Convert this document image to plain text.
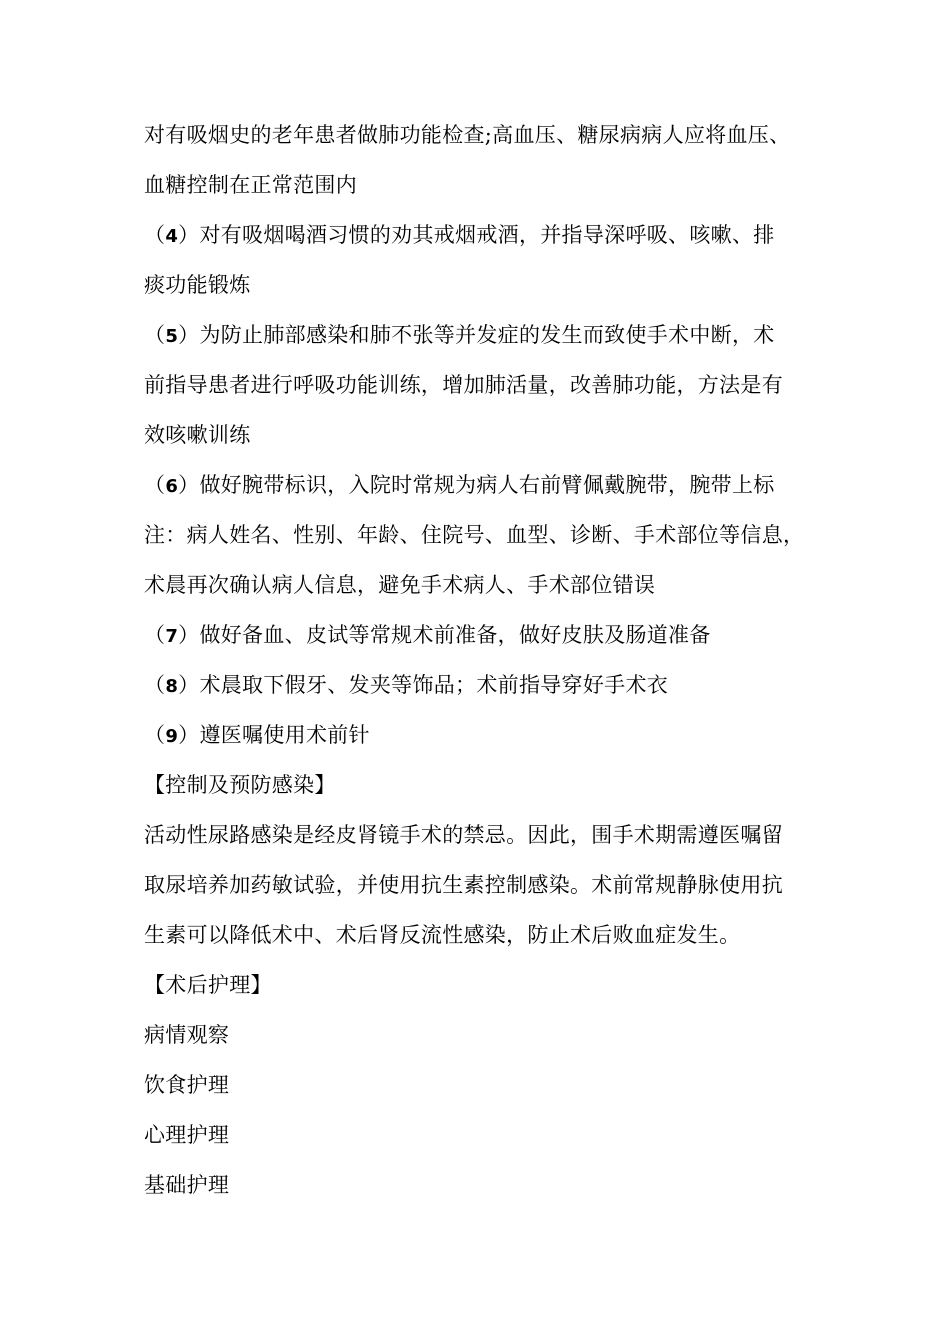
对有吸烟史的老年患者做肺功能检查;高血压、糖尿病病人应将血压、
血糖控制在正常范围内
（4）对有吸烟喝酒习惯的劝其戒烟戒酒，并指导深呼吸、咳嗽、排
痰功能锻炼
（5）为防止肺部感染和肺不张等并发症的发生而致使手术中断，术
前指导患者进行呼吸功能训练，增加肺活量，改善肺功能，方法是有
效咳嗽训练
（6）做好腕带标识，入院时常规为病人右前臂佩戴腕带，腕带上标
注：病人姓名、性别、年龄、住院号、血型、诊断、手术部位等信息，
术晨再次确认病人信息，避免手术病人、手术部位错误
（7）做好备血、皮试等常规术前准备，做好皮肤及肠道准备
（8）术晨取下假牙、发夹等饰品；术前指导穿好手术衣
（9）遵医嘱使用术前针
【控制及预防感染】
活动性尿路感染是经皮肾镜手术的禁忌。因此，围手术期需遵医嘱留
取尿培养加药敏试验，并使用抗生素控制感染。术前常规静脉使用抗
生素可以降低术中、术后肾反流性感染，防止术后败血症发生。
【术后护理】
病情观察
饮食护理
心理护理
基础护理
